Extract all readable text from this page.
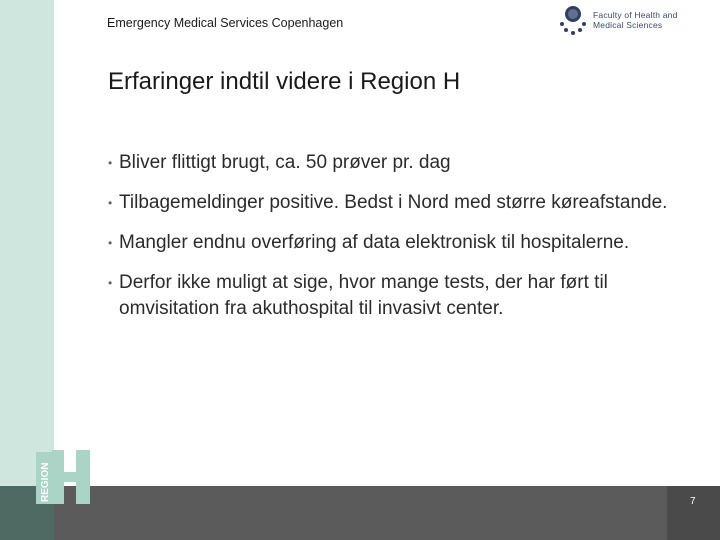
7
Emergency Medical Services Copenhagen
Faculty of Health and
Medical Sciences
Erfaringer indtil videre i Region H
• Bliver flittigt brugt, ca. 50 prøver pr. dag
• Tilbagemeldinger positive. Bedst i Nord med større køreafstande.
• Mangler endnu overføring af data elektronisk til hospitalerne.
• Derfor ikke muligt at sige, hvor mange tests, der har ført til omvisitation fra akuthospital til invasivt center.
REGION
